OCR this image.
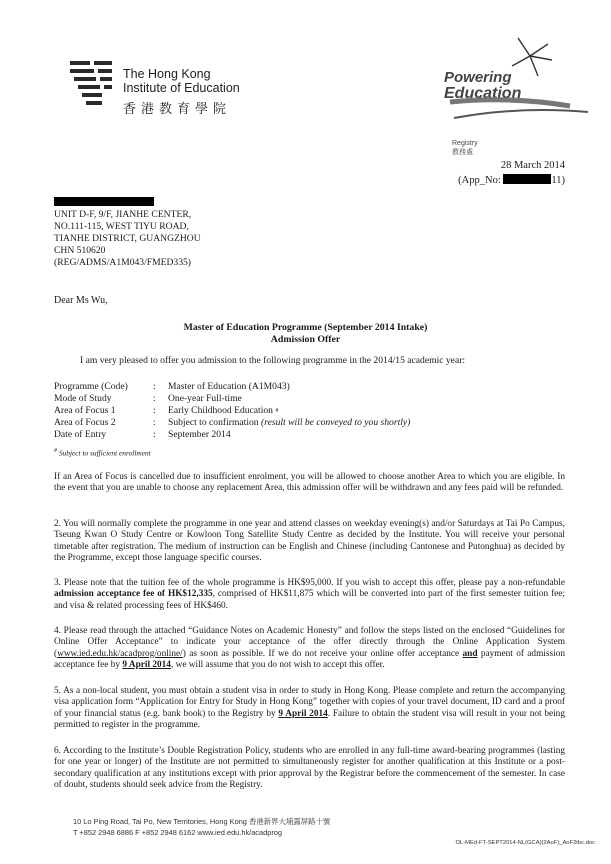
The Hong Kong
Institute of Education
香港教育學院
Powering
Education
Registry
教務處
28 March 2014
(App_No:	11)
UNIT D-F, 9/F, JIANHE CENTER,
NO.111-115, WEST TIYU ROAD,
TIANHE DISTRICT, GUANGZHOU
CHN 510620
(REG/ADMS/A1M043/FMED335)
Dear Ms Wu,
Master of Education Programme (September 2014 Intake)
Admission Offer
I am very pleased to offer you admission to the following programme in the 2014/15 academic year:
Programme (Code)	:	Master of Education (A1M043)
Mode of Study	:	One-year Full-time
Area of Focus 1	:	Early Childhood Education
#
Area of Focus 2	:	Subject to confirmation
(result will be conveyed to you shortly)
Date of Entry	:	September 2014
# Subject to sufficient enrollment
If an Area of Focus is cancelled due to insufficient enrolment, you will be allowed to choose another Area to which you are eligible. In the event that you are unable to choose any replacement Area, this admission offer will be withdrawn and any fees paid will be refunded.
2. You will normally complete the programme in one year and attend classes on weekday evening(s) and/or Saturdays at Tai Po Campus, Tseung Kwan O Study Centre or Kowloon Tong Satellite Study Centre as decided by the Institute. You will receive your personal timetable after registration. The medium of instruction can be English and Chinese (including Cantonese and Putonghua) as decided by the Programme, except those language specific courses.
3. Please note that the tuition fee of the whole programme is HK$95,000. If you wish to accept this offer, please pay a non-refundable admission acceptance fee of HK$12,335, comprised of HK$11,875 which will be converted into part of the first semester tuition fee; and visa & related processing fees of HK$460.
4. Please read through the attached “Guidance Notes on Academic Honesty” and follow the steps listed on the enclosed “Guidelines for Online Offer Acceptance” to indicate your acceptance of the offer directly through the Online Application System (www.ied.edu.hk/acadprog/online/) as soon as possible. If we do not receive your online offer acceptance and payment of admission acceptance fee by 9 April 2014, we will assume that you do not wish to accept this offer.
5. As a non-local student, you must obtain a student visa in order to study in Hong Kong. Please complete and return the accompanying visa application form “Application for Entry for Study in Hong Kong” together with copies of your travel document, ID card and a proof of your financial status (e.g. bank book) to the Registry by 9 April 2014. Failure to obtain the student visa will result in your not being permitted to register in the programme.
6. According to the Institute’s Double Registration Policy, students who are enrolled in any full-time award-bearing programmes (lasting for one year or longer) of the Institute are not permitted to simultaneously register for another qualification at this Institute or a post-secondary qualification at any institutions except with prior approval by the Registrar before the commencement of the semester. In case of doubt, students should seek advice from the Registry.
10 Lo Ping Road, Tai Po, New Territories, Hong Kong 香港新界大埔露屏路十號
T +852 2948 6886 F +852 2948 6162 www.ied.edu.hk/acadprog
OL-MEd-FT-SEPT2014-NL(GCA)(2AoF)_AoF2tbc.doc
